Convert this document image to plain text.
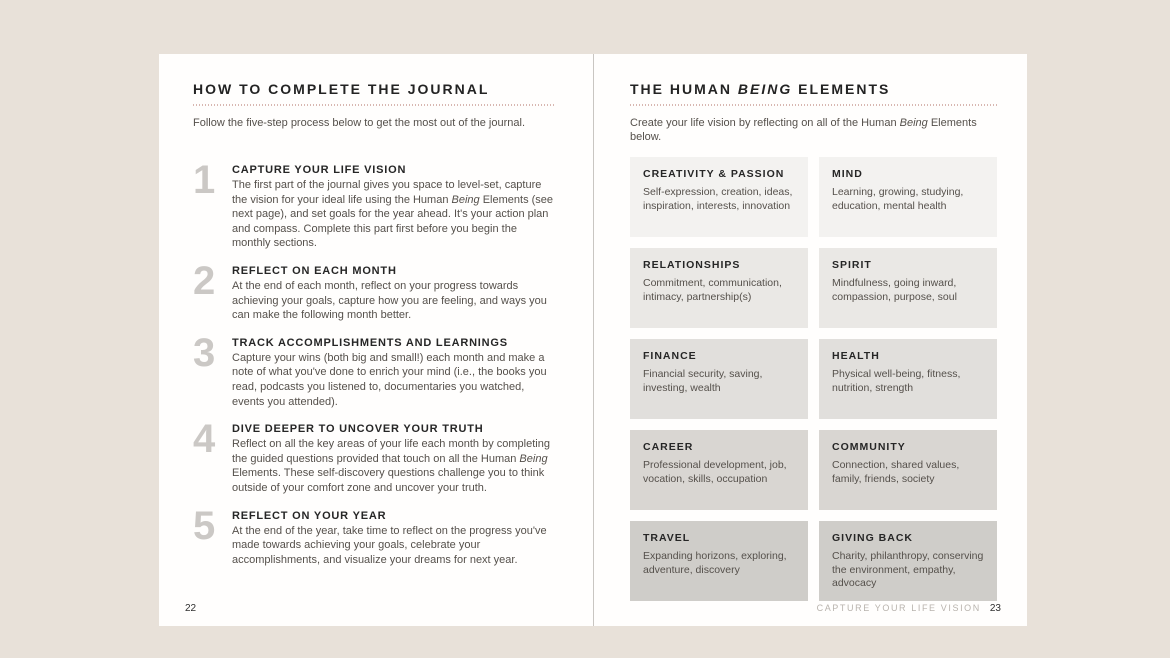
HOW TO COMPLETE THE JOURNAL

Follow the five-step process below to get the most out of the journal.

1	CAPTURE YOUR LIFE VISION

The first part of the journal gives you space to level-set, capture the vision for your ideal life using the Human Being Elements (see next page), and set goals for the year ahead. It's your action plan and compass. Complete this part first before you begin the monthly sections.

2	REFLECT ON EACH MONTH

At the end of each month, reflect on your progress towards achieving your goals, capture how you are feeling, and ways you can make the following month better.

3	TRACK ACCOMPLISHMENTS AND LEARNINGS

Capture your wins (both big and small!) each month and make a note of what you've done to enrich your mind (i.e., the books you read, podcasts you listened to, documentaries you watched, events you attended).

4	DIVE DEEPER TO UNCOVER YOUR TRUTH

Reflect on all the key areas of your life each month by completing the guided questions provided that touch on all the Human Being Elements. These self-discovery questions challenge you to think outside of your comfort zone and uncover your truth.

5	REFLECT ON YOUR YEAR

At the end of the year, take time to reflect on the progress you've made towards achieving your goals, celebrate your accomplishments, and visualize your dreams for next year.

22
THE HUMAN BEING ELEMENTS

Create your life vision by reflecting on all of the Human Being Elements below.

CREATIVITY & PASSION
Self-expression, creation, ideas, inspiration, interests, innovation
MIND
Learning, growing, studying, education, mental health
RELATIONSHIPS
Commitment, communication, intimacy, partnership(s)
SPIRIT
Mindfulness, going inward, compassion, purpose, soul
FINANCE
Financial security, saving, investing, wealth
HEALTH
Physical well-being, fitness, nutrition, strength
CAREER
Professional development, job, vocation, skills, occupation
COMMUNITY
Connection, shared values, family, friends, society
TRAVEL
Expanding horizons, exploring, adventure, discovery
GIVING BACK
Charity, philanthropy, conserving the environment, empathy, advocacy
CAPTURE YOUR LIFE VISION 23
